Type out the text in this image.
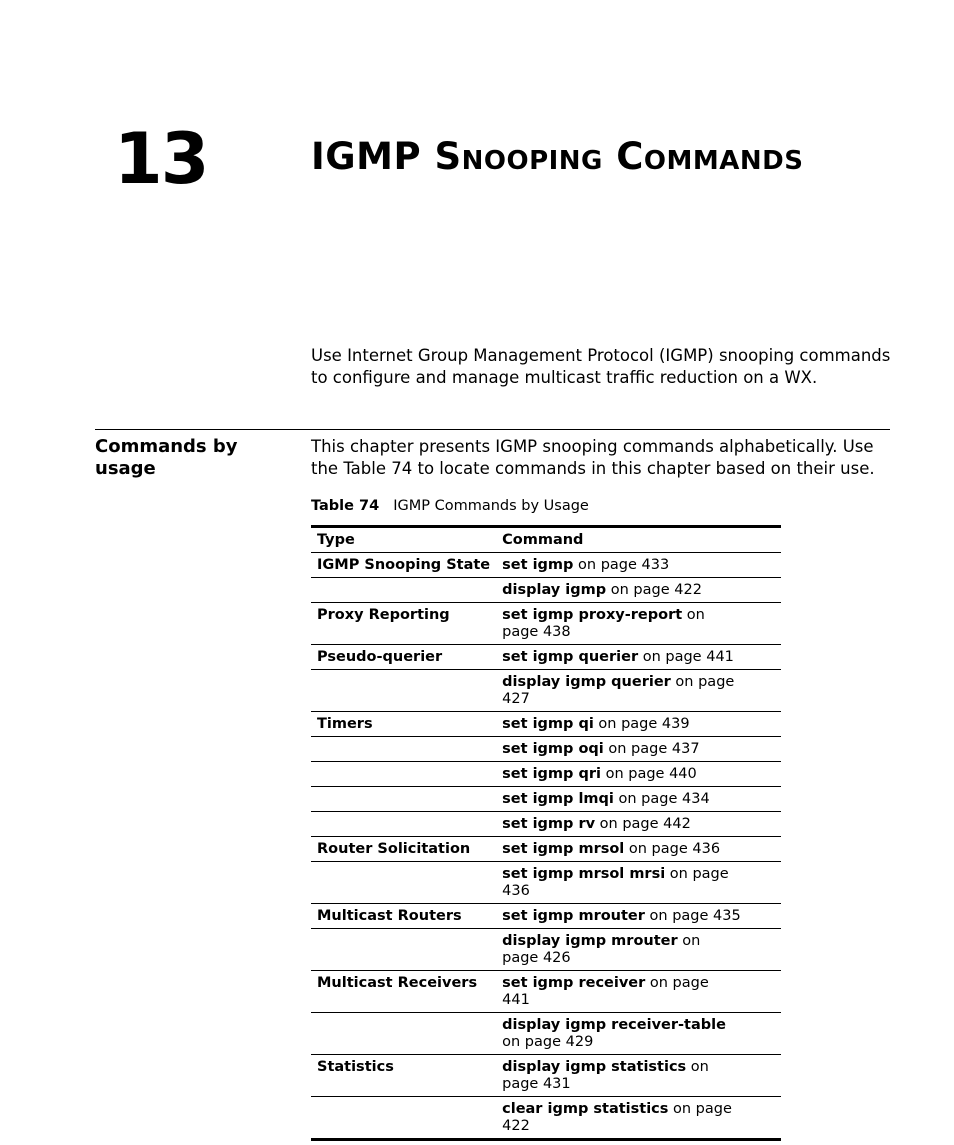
13	IGMP Snooping Commands

Use Internet Group Management Protocol (IGMP) snooping commands to configure and manage multicast traffic reduction on a WX.

Commands by usage

This chapter presents IGMP snooping commands alphabetically. Use the Table 74 to locate commands in this chapter based on their use.

Table 74 IGMP Commands by Usage
Type	Command
IGMP Snooping State	set igmp on page 433
	display igmp on page 422
Proxy Reporting	set igmp proxy-report on page 438
Pseudo-querier	set igmp querier on page 441
	display igmp querier on page 427
Timers	set igmp qi on page 439
	set igmp oqi on page 437
	set igmp qri on page 440
	set igmp lmqi on page 434
	set igmp rv on page 442
Router Solicitation	set igmp mrsol on page 436
	set igmp mrsol mrsi on page 436
Multicast Routers	set igmp mrouter on page 435
	display igmp mrouter on page 426
Multicast Receivers	set igmp receiver on page 441
	display igmp receiver-table on page 429
Statistics	display igmp statistics on page 431
	clear igmp statistics on page 422
